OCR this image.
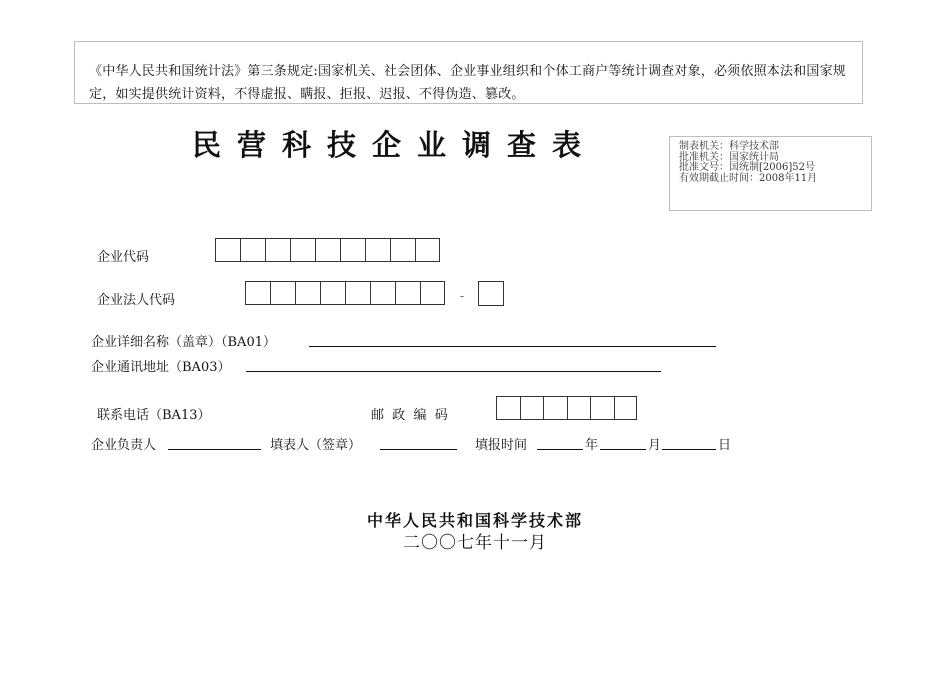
《中华人民共和国统计法》第三条规定:国家机关、社会团体、企业事业组织和个体工商户等统计调查对象，必须依照本法和国家规定，如实提供统计资料，不得虚报、瞒报、拒报、迟报、不得伪造、篡改。
民营科技企业调查表	制表机关：科学技术部
批准机关：国家统计局
批准文号：国统制[2006]52号
有效期截止时间：2008年11月
企业代码
企业法人代码	-
企业详细名称（盖章）（BA01）
企业通讯地址（BA03）
联系电话（BA13）	邮  政  编  码
企业负责人	填表人（签章）	填报时间	年	月	日
中华人民共和国科学技术部
二〇〇七年十一月
